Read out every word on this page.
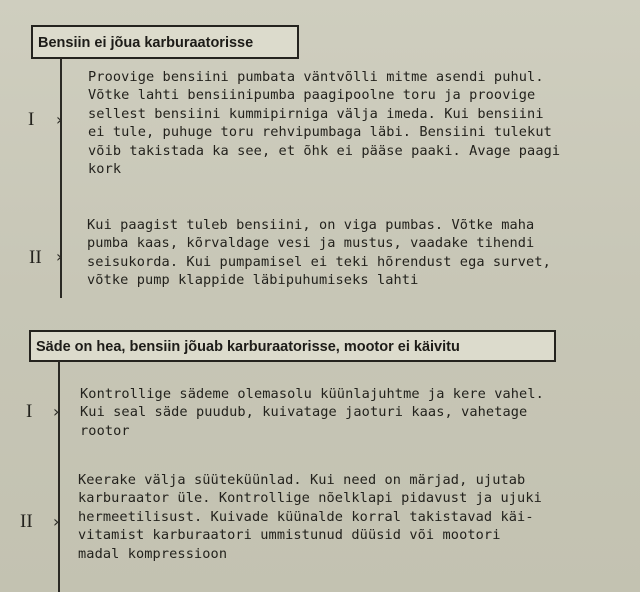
Bensiin ei jõua karburaatorisse
I ›
Proovige bensiini pumbata väntvõlli mitme asendi puhul.
Võtke lahti bensiinipumba paagipoolne toru ja proovige
sellest bensiini kummipirniga välja imeda. Kui bensiini
ei tule, puhuge toru rehvipumbaga läbi. Bensiini tulekut
võib takistada ka see, et õhk ei pääse paaki. Avage paagi
kork
II ›
Kui paagist tuleb bensiini, on viga pumbas. Võtke maha
pumba kaas, kõrvaldage vesi ja mustus, vaadake tihendi
seisukorda. Kui pumpamisel ei teki hõrendust ega survet,
võtke pump klappide läbipuhumiseks lahti
Säde on hea, bensiin jõuab karburaatorisse, mootor ei käivitu
I ›
Kontrollige sädeme olemasolu küünlajuhtme ja kere vahel.
Kui seal säde puudub, kuivatage jaoturi kaas, vahetage
rootor
II ›
Keerake välja süüteküünlad. Kui need on märjad, ujutab
karburaator üle. Kontrollige nõelklapi pidavust ja ujuki
hermeetilisust. Kuivade küünalde korral takistavad käi-
vitamist karburaatori ummistunud düüsid või mootori
madal kompressioon
